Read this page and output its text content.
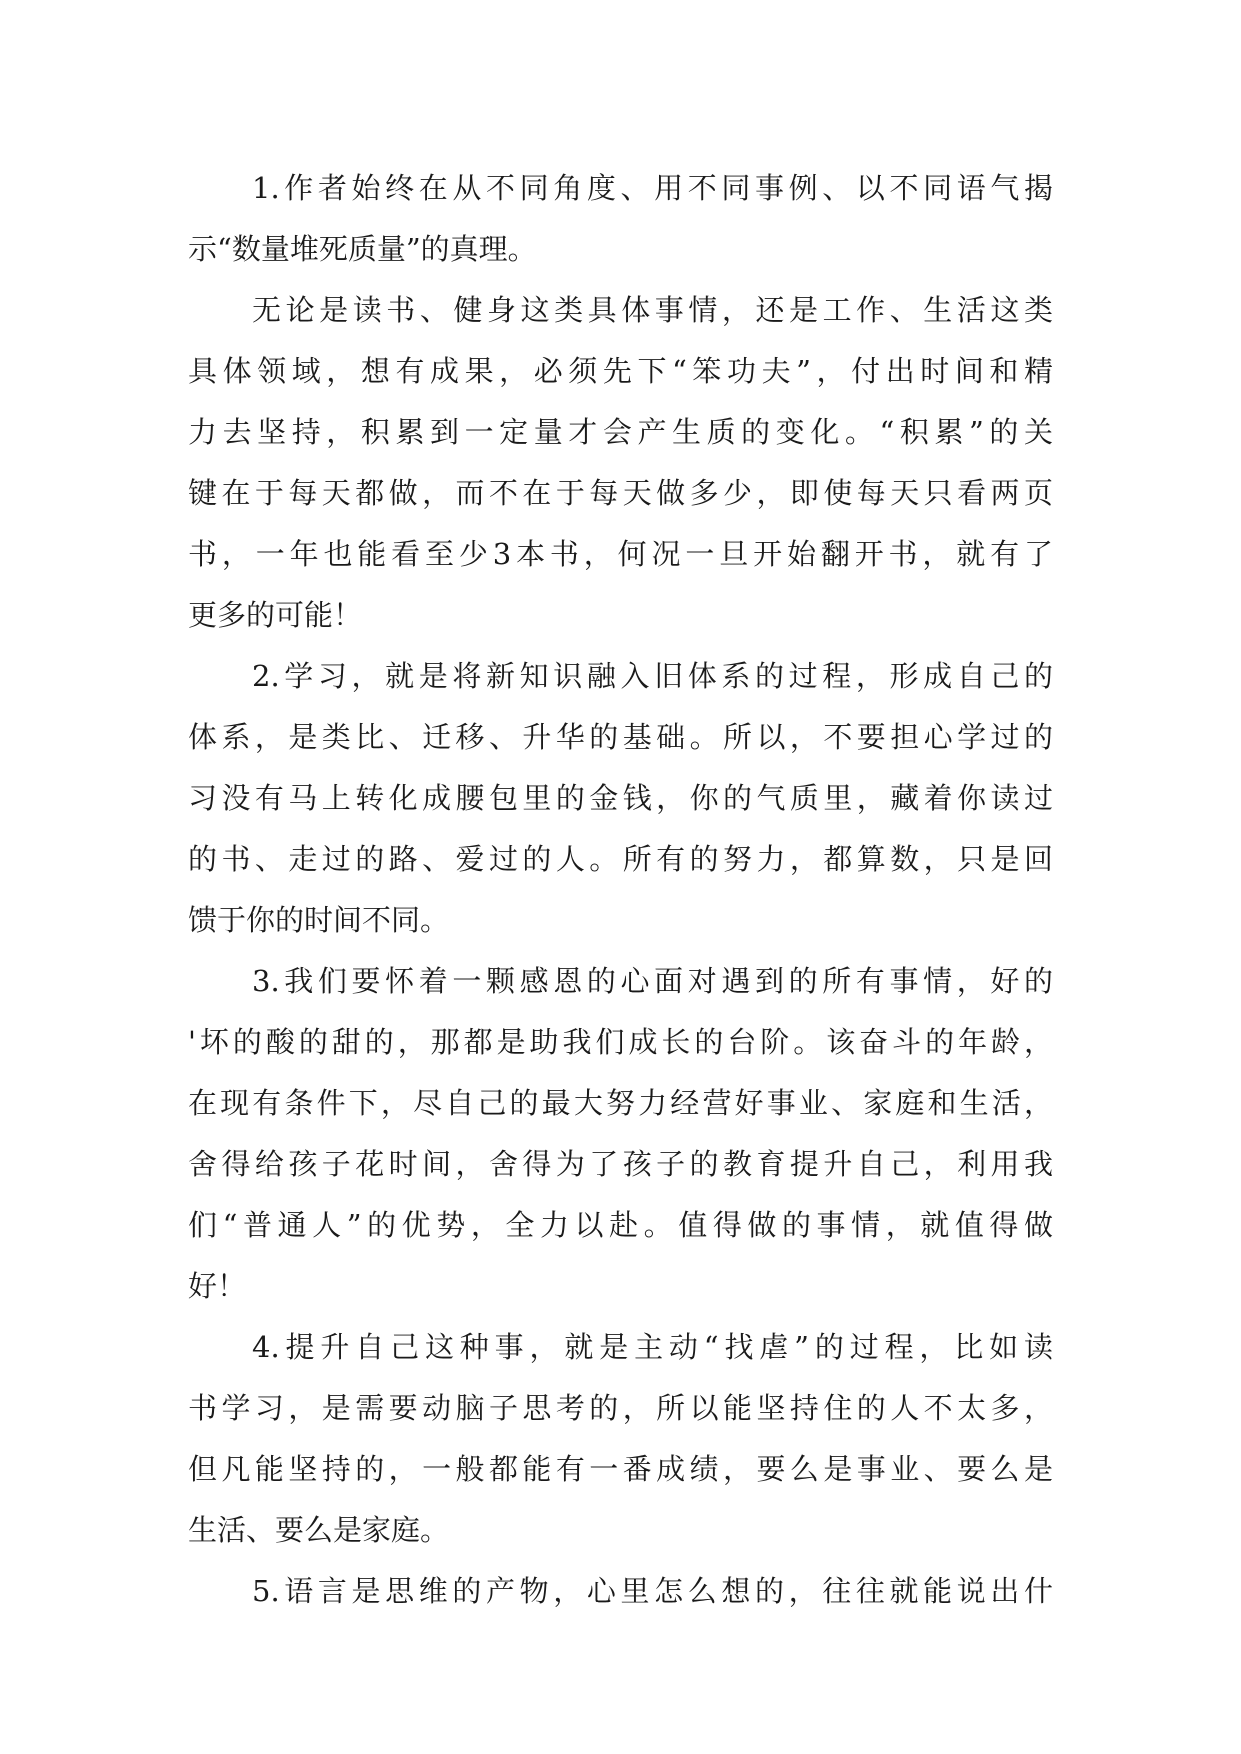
1.作者始终在从不同角度、用不同事例、以不同语气揭
示“数量堆死质量”的真理。
无论是读书、健身这类具体事情，还是工作、生活这类
具体领域，想有成果，必须先下“笨功夫”，付出时间和精
力去坚持，积累到一定量才会产生质的变化。“积累”的关
键在于每天都做，而不在于每天做多少，即使每天只看两页
书，一年也能看至少3本书，何况一旦开始翻开书，就有了
更多的可能！
2.学习，就是将新知识融入旧体系的过程，形成自己的
体系，是类比、迁移、升华的基础。所以，不要担心学过的
习没有马上转化成腰包里的金钱，你的气质里，藏着你读过
的书、走过的路、爱过的人。所有的努力，都算数，只是回
馈于你的时间不同。
3.我们要怀着一颗感恩的心面对遇到的所有事情，好的
'坏的酸的甜的，那都是助我们成长的台阶。该奋斗的年龄，
在现有条件下，尽自己的最大努力经营好事业、家庭和生活，
舍得给孩子花时间，舍得为了孩子的教育提升自己，利用我
们“普通人”的优势，全力以赴。值得做的事情，就值得做
好！
4.提升自己这种事，就是主动“找虐”的过程，比如读
书学习，是需要动脑子思考的，所以能坚持住的人不太多，
但凡能坚持的，一般都能有一番成绩，要么是事业、要么是
生活、要么是家庭。
5.语言是思维的产物，心里怎么想的，往往就能说出什
